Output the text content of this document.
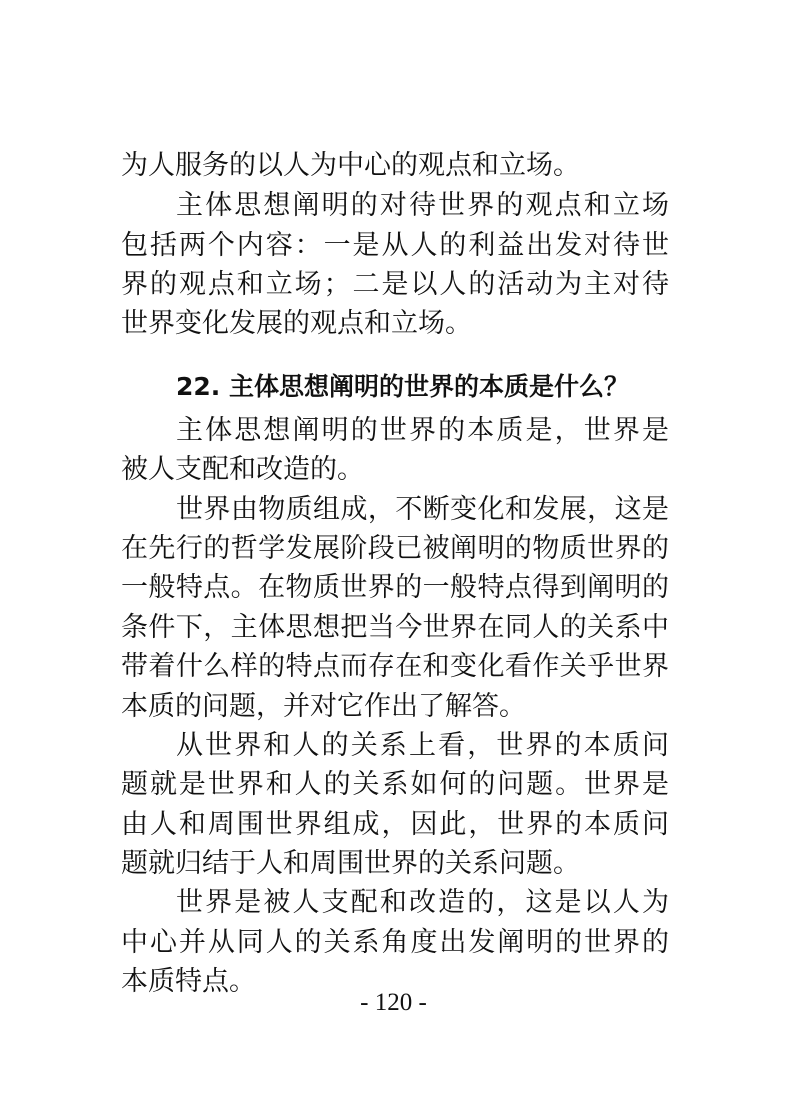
为人服务的以人为中心的观点和立场。
主体思想阐明的对待世界的观点和立场
包括两个内容：一是从人的利益出发对待世
界的观点和立场；二是以人的活动为主对待
世界变化发展的观点和立场。
22. 主体思想阐明的世界的本质是什么？
主体思想阐明的世界的本质是，世界是
被人支配和改造的。
世界由物质组成，不断变化和发展，这是
在先行的哲学发展阶段已被阐明的物质世界的
一般特点。在物质世界的一般特点得到阐明的
条件下，主体思想把当今世界在同人的关系中
带着什么样的特点而存在和变化看作关乎世界
本质的问题，并对它作出了解答。
从世界和人的关系上看，世界的本质问
题就是世界和人的关系如何的问题。世界是
由人和周围世界组成，因此，世界的本质问
题就归结于人和周围世界的关系问题。
世界是被人支配和改造的，这是以人为
中心并从同人的关系角度出发阐明的世界的
本质特点。
- 120 -
